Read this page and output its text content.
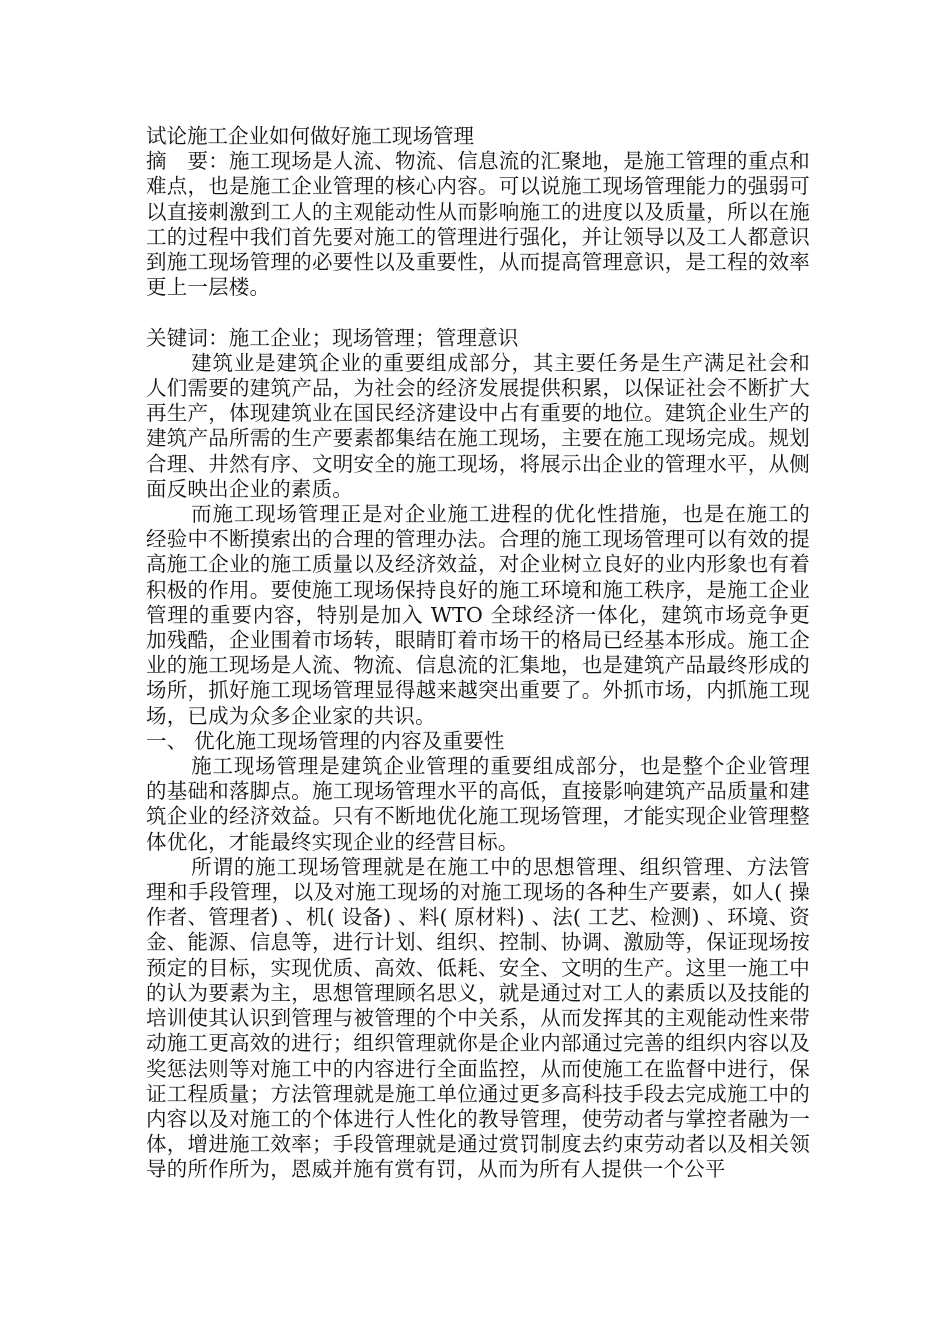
试论施工企业如何做好施工现场管理

摘　要：施工现场是人流、物流、信息流的汇聚地，是施工管理的重点和难点，也是施工企业管理的核心内容。可以说施工现场管理能力的强弱可以直接刺激到工人的主观能动性从而影响施工的进度以及质量，所以在施工的过程中我们首先要对施工的管理进行强化，并让领导以及工人都意识到施工现场管理的必要性以及重要性，从而提高管理意识，是工程的效率更上一层楼。

关键词：施工企业；现场管理；管理意识

建筑业是建筑企业的重要组成部分，其主要任务是生产满足社会和人们需要的建筑产品，为社会的经济发展提供积累，以保证社会不断扩大再生产，体现建筑业在国民经济建设中占有重要的地位。建筑企业生产的建筑产品所需的生产要素都集结在施工现场，主要在施工现场完成。规划合理、井然有序、文明安全的施工现场，将展示出企业的管理水平，从侧面反映出企业的素质。

而施工现场管理正是对企业施工进程的优化性措施，也是在施工的经验中不断摸索出的合理的管理办法。合理的施工现场管理可以有效的提高施工企业的施工质量以及经济效益，对企业树立良好的业内形象也有着积极的作用。要使施工现场保持良好的施工环境和施工秩序，是施工企业管理的重要内容，特别是加入 WTO 全球经济一体化，建筑市场竞争更加残酷，企业围着市场转，眼睛盯着市场干的格局已经基本形成。施工企业的施工现场是人流、物流、信息流的汇集地，也是建筑产品最终形成的场所，抓好施工现场管理显得越来越突出重要了。外抓市场，内抓施工现场，已成为众多企业家的共识。

一、 优化施工现场管理的内容及重要性

施工现场管理是建筑企业管理的重要组成部分，也是整个企业管理的基础和落脚点。施工现场管理水平的高低，直接影响建筑产品质量和建筑企业的经济效益。只有不断地优化施工现场管理，才能实现企业管理整体优化，才能最终实现企业的经营目标。

所谓的施工现场管理就是在施工中的思想管理、组织管理、方法管理和手段管理，以及对施工现场的对施工现场的各种生产要素，如人( 操作者、管理者) 、机( 设备) 、料( 原材料) 、法( 工艺、检测) 、环境、资金、能源、信息等，进行计划、组织、控制、协调、激励等，保证现场按预定的目标，实现优质、高效、低耗、安全、文明的生产。这里一施工中的认为要素为主，思想管理顾名思义，就是通过对工人的素质以及技能的培训使其认识到管理与被管理的个中关系，从而发挥其的主观能动性来带动施工更高效的进行；组织管理就你是企业内部通过完善的组织内容以及奖惩法则等对施工中的内容进行全面监控，从而使施工在监督中进行，保证工程质量；方法管理就是施工单位通过更多高科技手段去完成施工中的内容以及对施工的个体进行人性化的教导管理，使劳动者与掌控者融为一体，增进施工效率；手段管理就是通过赏罚制度去约束劳动者以及相关领导的所作所为，恩威并施有赏有罚，从而为所有人提供一个公平
